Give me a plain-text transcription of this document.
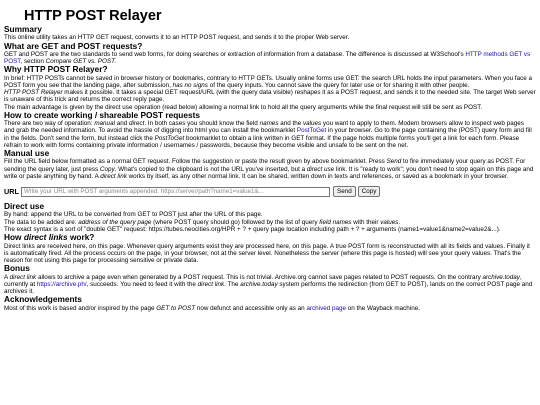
HTTP POST Relayer
Summary

This online utility takes an HTTP GET request, converts it to an HTTP POST request, and sends it to the proper Web server.

What are GET and POST requests?

GET and POST are the two standards to send web forms, for doing searches or extraction of information from a database. The difference is discussed at W3School's HTTP methods GET vs POST, section Compare GET vs. POST.

Why HTTP POST Relayer?

In brief: HTTP POSTs cannot be saved in browser history or bookmarks, contrary to HTTP GETs. Usually online forms use GET: the search URL holds the input parameters. When you face a POST form you see that the landing page, after submission, has no signs of the query inputs. You cannot save the query for later use or for sharing it with other people.

HTTP POST Relayer makes it possible. It takes a special GET request/URL (with the query data visible) reshapes it as a POST request, and sends it to the needed site. The target Web server is unaware of this trick and returns the correct reply page.

The main advantage is given by the direct use operation (read below) allowing a normal link to hold all the query arguments while the final request will still be sent as POST.

How to create working / shareable POST requests

There are two way of operation: manual and direct. In both cases you should know the field names and the values you want to apply to them. Modern browsers allow to inspect web pages and grab the needed information. To avoid the hassle of digging into html you can install the bookmarklet PostToGet in your browser. Go to the page containing the (POST) query form and fill in the fields. Don't send the form, but instead click the PostToGet bookmarklet to obtain a link written in GET format. If the page holds multiple forms you'll get a link for each form. Please refrain to work with forms containing private information / usernames / passwords, because they become visible and unsafe to be sent on the net.

Manual use

Fill the URL field below formatted as a normal GET request. Follow the suggestion or paste the result given by above bookmarklet. Press Send to fire immediately your query as POST. For sending the query later, just press Copy. What's copied to the clipboard is not the URL you've inserted, but a direct use link. It is "ready to work"; you don't need to stop again on this page and write or paste anything by hand. A direct link works by itself, as any other normal link. It can be shared, written down in texts and references, or saved as a bookmark in your browser.

URL
Write your URL with POST arguments appended: https://server/path?name1=value1&...	Send	Copy
Direct use

By hand: append the URL to be converted from GET to POST just after the URL of this page.

The data to be added are: address of the query page (where POST query should go) followed by the list of query field names with their values.

The exact syntax is a sort of "double GET" request: https://tubes.neocities.org/HPR + ? + query page location including path + ? + arguments (name1=value1&name2=value2&...).

How direct links work?

Direct links are received here, on this page. Whenever query arguments exist they are processed here, on this page. A true POST form is reconstructed with all its fields and values. Finally it is automatically fired. All the process occurs on the page, in your browser, not at the server level. Nonetheless the server (where this page is hosted) will see your query values. That's the reason for not using this page for processing sensitive or private data.

Bonus

A direct link allows to archive a page even when generated by a POST request. This is not trivial. Archive.org cannot save pages related to POST requests. On the contrary archive.today, currently at https://archive.ph/, succeeds. You need to feed it with the direct link. The archive.today system performs the redirection (from GET to POST), lands on the correct POST page and archives it.

Acknowledgements

Most of this work is based and/or inspired by the page GET to POST now defunct and accessible only as an archived page on the Wayback machine.
